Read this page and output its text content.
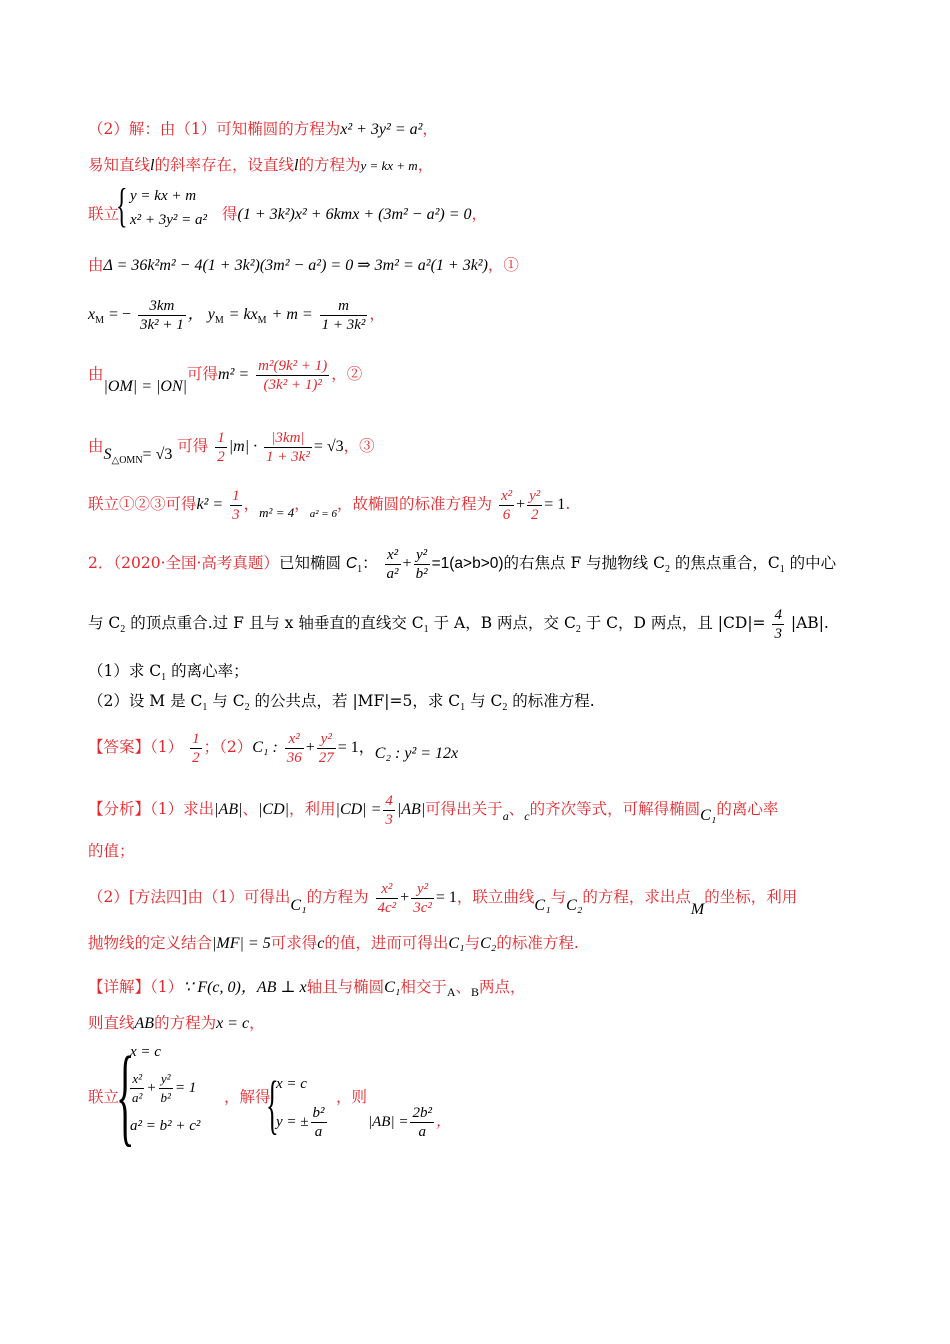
（2）解：由（1）可知椭圆的方程为x² + 3y² = a²，
易知直线l的斜率存在，设直线l的方程为y = kx + m，
联立
{ y = kx + m
x² + 3y² = a² 得(1 + 3k²)x² + 6kmx + (3m² − a²) = 0，
由Δ = 36k²m² − 4(1 + 3k²)(3m² − a²) = 0 ⇒ 3m² = a²(1 + 3k²)，①
$x_M$ = − $\frac{3km}{\text{3k² + 1}}$ ， $y_M = kx_M + m = \frac{m}{\text{1 + 3k²}}$ ，
由|OM| = |ON|可得$m^2 = \frac{\text{m²(9k² + 1)}}{\text{(3k² + 1)²}}$ ，②
由$S_{\triangle OMN}= √3$ 可得 $\frac{1}{2} |m| \cdot \frac{|3km|}{\text{1 + 3k²}} = √3$，③
联立①②③可得$k^2 = \frac{1}{3}$ ，$_{m^2 = 4}$，$_{a^2 = 6}$，故椭圆的标准方程为 $\frac{\text{x²}}{6} + \frac{\text{y²}}{2} = 1$.
2．（2020·全国·高考真题）已知椭圆 $C_1$： $\frac{\text{x²}}{\text{a²}} + \frac{\text{y²}}{\text{b²}} =1(a>b>0)$的右焦点 F 与抛物线 $C_2$ 的焦点重合，$C_1$ 的中心
与 $C_2$ 的顶点重合.过 F 且与 x 轴垂直的直线交 $C_1$ 于 A，B 两点，交 $C_2$ 于 C，D 两点，且 $|CD|= \frac{4}{3} |AB|$.
（1）求 $C_1$ 的离心率；
（2）设 M 是 $C_1$ 与 $C_2$ 的公共点，若 |MF|=5，求 $C_1$ 与 $C_2$ 的标准方程.
【答案】$(1) \frac{1}{2}$ ；（2）C₁ : $\frac{\text{x²}}{36} + \frac{\text{y²}}{27} = 1$，C₂ : y² = 12x
【分析】（1）求出|AB|、|CD|，利用$|CD| = \frac{4}{3} |AB|$可得出关于$_a$、$_c$的齐次等式，可解得椭圆C₁的离心率
的值；
（2）[方法四]由（1）可得出C₁的方程为 $\frac{\text{x²}}{\text{4c²}} + \frac{\text{y²}}{\text{3c²}} = 1$，联立曲线C₁与C₂的方程，求出点M的坐标，利用
抛物线的定义结合|MF| = 5可求得c的值，进而可得出C₁与C₂的标准方程.
【详解】（1）∵ F(c, 0)，AB ⊥ x轴且与椭圆C₁相交于$_A$、$_B$两点，
则直线AB的方程为x = c，
联立
{
x = c
$\frac{\text{x²}}{\text{a²}} + \frac{\text{y²}}{\text{b²}} = 1$
a² = b² + c²
，解得
{
x = c
y = ± $\frac{\text{b²}}{a}$
，则
$|AB| = \frac{\text{2b²}}{a}$ ，
